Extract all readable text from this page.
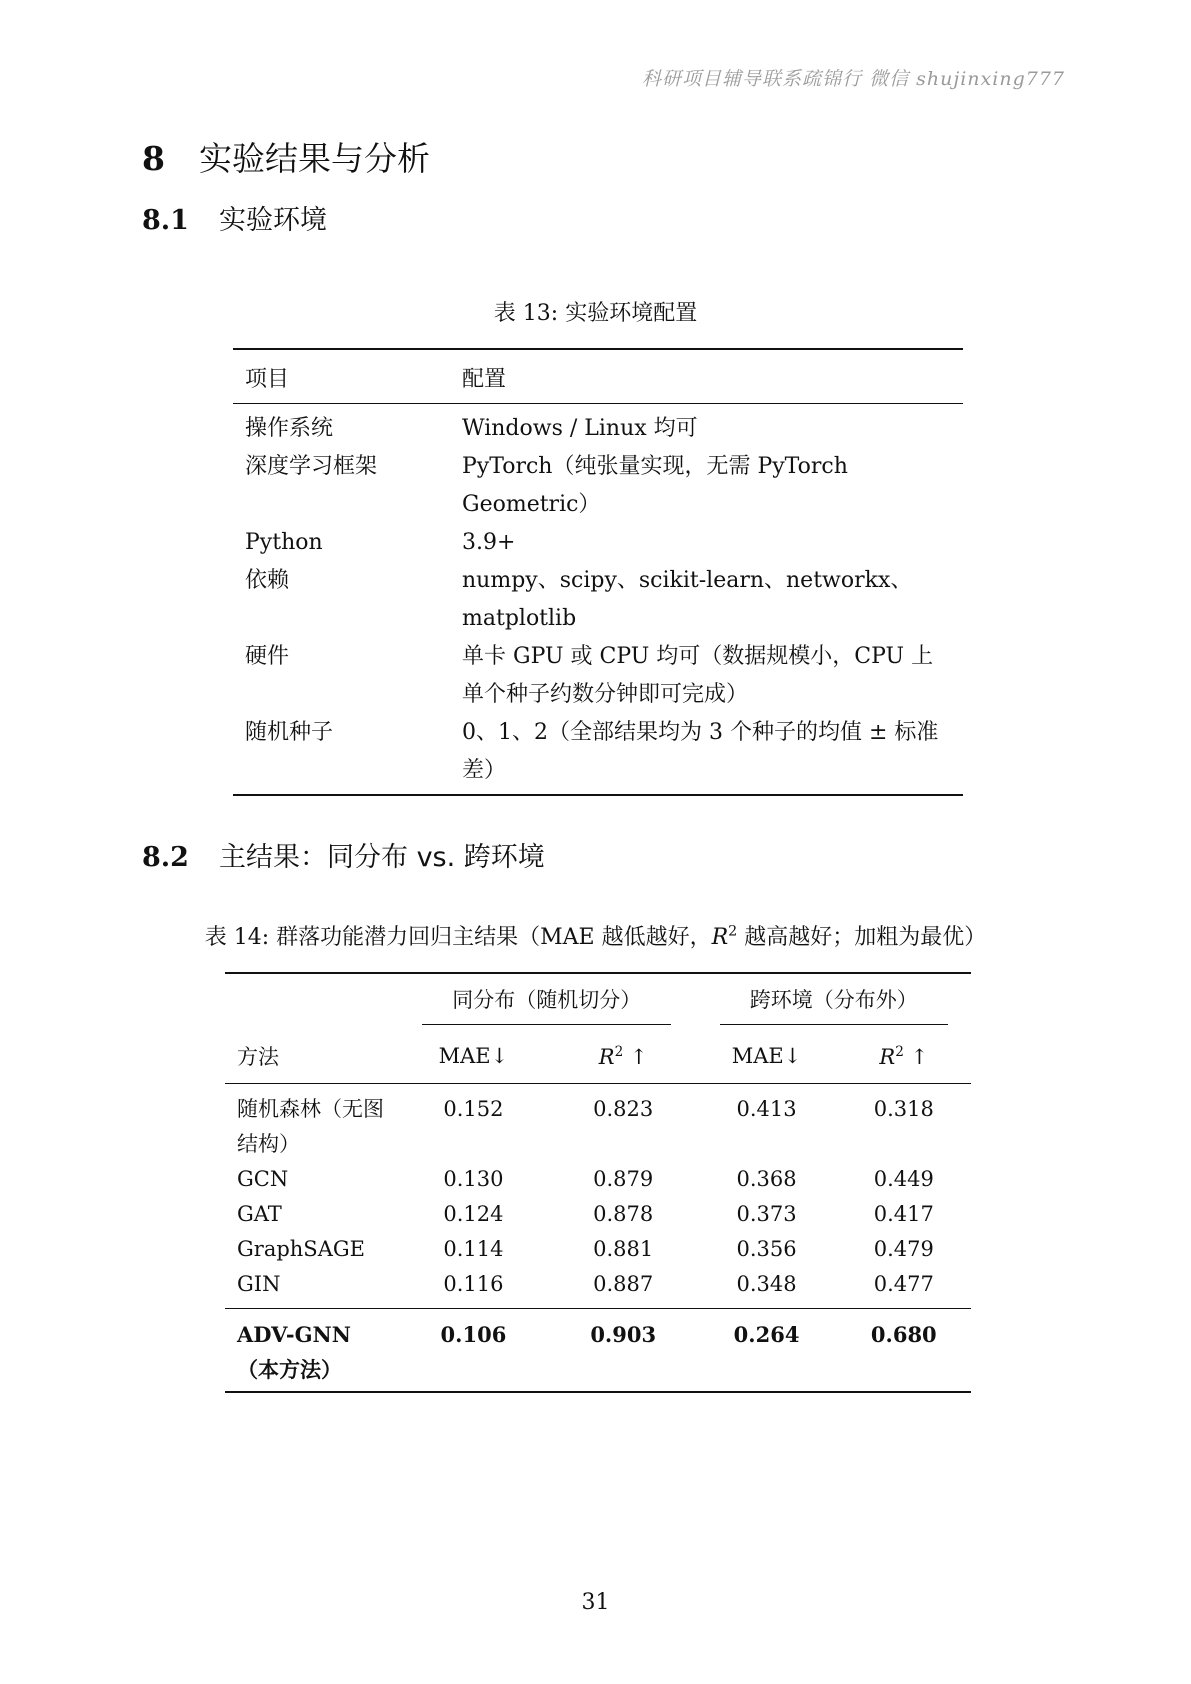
科研项目辅导联系疏锦行 微信 shujinxing777
8 实验结果与分析
8.1 实验环境
表 13: 实验环境配置
项目	配置
操作系统	Windows / Linux 均可
深度学习框架	PyTorch（纯张量实现，无需 PyTorch Geometric）
Python	3.9+
依赖	numpy、scipy、scikit-learn、networkx、matplotlib
硬件	单卡 GPU 或 CPU 均可（数据规模小，CPU 上单个种子约数分钟即可完成）
随机种子	0、1、2（全部结果均为 3 个种子的均值 ± 标准差）
8.2 主结果：同分布 vs. 跨环境
表 14: 群落功能潜力回归主结果（MAE 越低越好，$R^2$ 越高越好；加粗为最优）
	同分布（随机切分）		跨环境（分布外）	
方法	MAE↓	$R^2$ ↑	MAE↓	$R^2$ ↑
随机森林（无图结构）	0.152	0.823	0.413	0.318
GCN	0.130	0.879	0.368	0.449
GAT	0.124	0.878	0.373	0.417
GraphSAGE	0.114	0.881	0.356	0.479
GIN	0.116	0.887	0.348	0.477
ADV-GNN（本方法）	0.106	0.903	0.264	0.680
31
